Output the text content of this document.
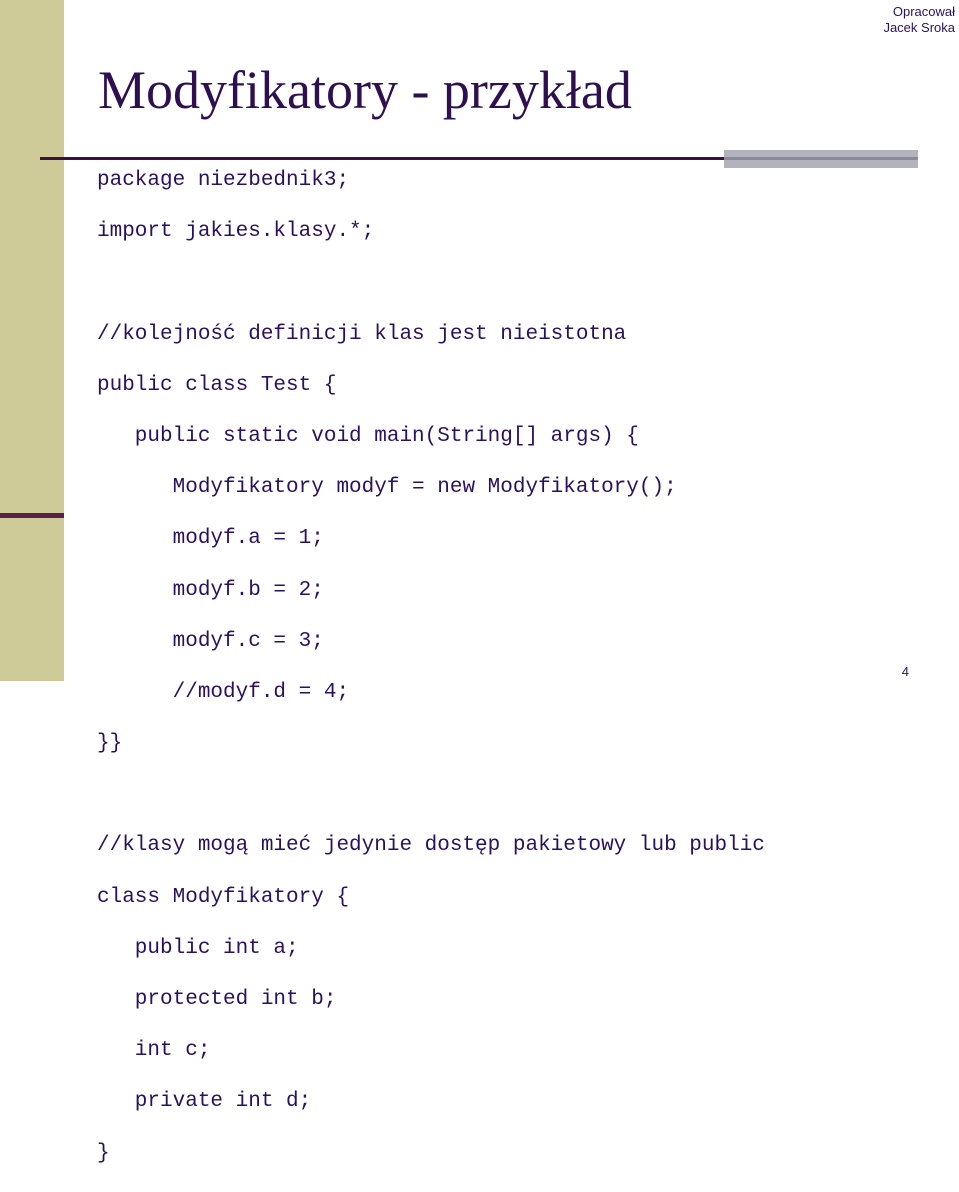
Opracował
Jacek Sroka
Modyfikatory - przykład
package niezbednik3;

import jakies.klasy.*;

//kolejność definicji klas jest nieistotna

public class Test {

public static void main(String[] args) {

Modyfikatory modyf = new Modyfikatory();

modyf.a = 1;

modyf.b = 2;

modyf.c = 3;

//modyf.d = 4;

}}

//klasy mogą mieć jedynie dostęp pakietowy lub public

class Modyfikatory {

public int a;

protected int b;

int c;

private int d;

}

4
